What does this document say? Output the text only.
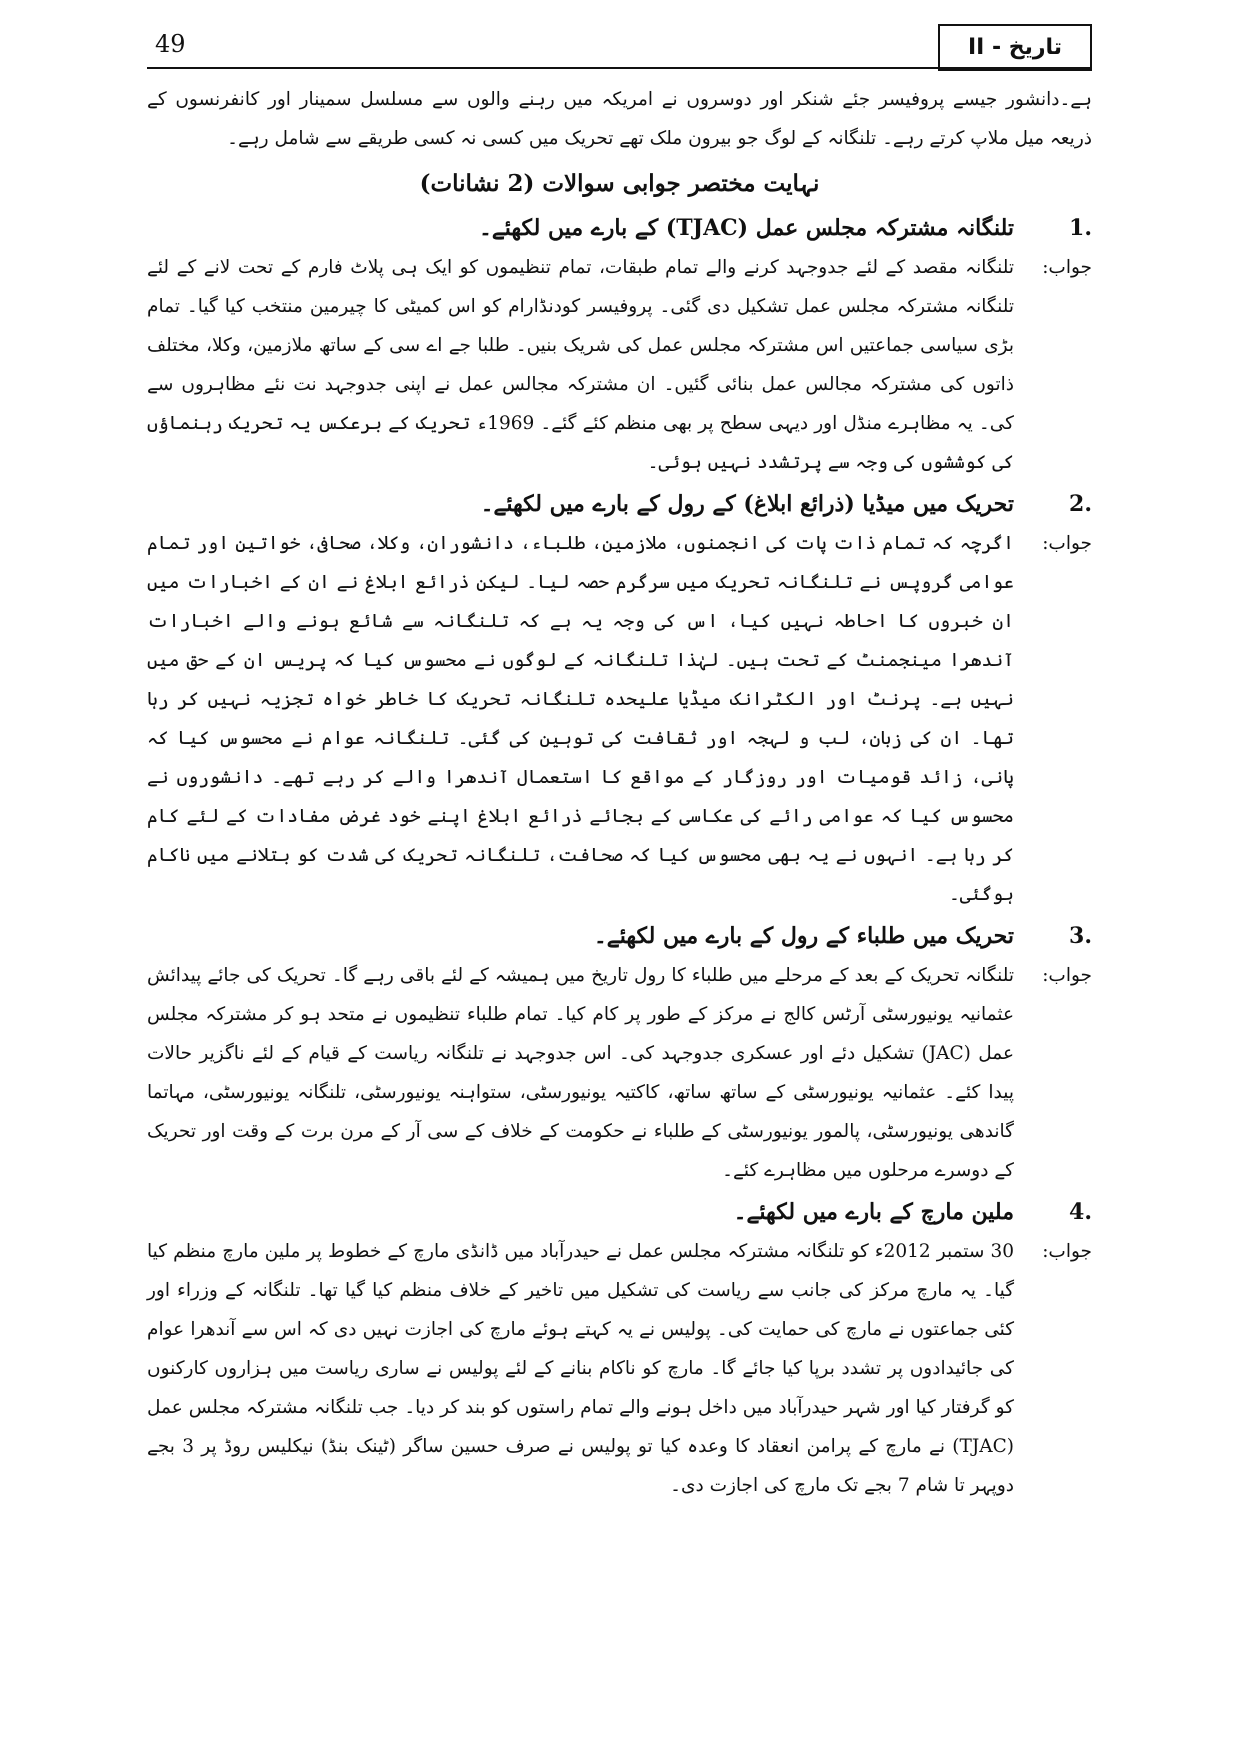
49	تاریخ - II

ہے۔دانشور جیسے پروفیسر جئے شنکر اور دوسروں نے امریکہ میں رہنے والوں سے مسلسل سمینار اور کانفرنسوں کے ذریعہ میل ملاپ کرتے رہے۔ تلنگانہ کے لوگ جو بیرون ملک تھے تحریک میں کسی نہ کسی طریقے سے شامل رہے۔

نہایت مختصر جوابی سوالات (2 نشانات)
1.
تلنگانہ مشترکہ مجلس عمل (TJAC) کے بارے میں لکھئے۔
جواب:

تلنگانہ مقصد کے لئے جدوجہد کرنے والے تمام طبقات، تمام تنظیموں کو ایک ہی پلاٹ فارم کے تحت لانے کے لئے تلنگانہ مشترکہ مجلس عمل تشکیل دی گئی۔ پروفیسر کودنڈارام کو اس کمیٹی کا چیرمین منتخب کیا گیا۔ تمام بڑی سیاسی جماعتیں اس مشترکہ مجلس عمل کی شریک بنیں۔ طلبا جے اے سی کے ساتھ ملازمین، وکلا، مختلف ذاتوں کی مشترکہ مجالس عمل بنائی گئیں۔ ان مشترکہ مجالس عمل نے اپنی جدوجہد نت نئے مظاہروں سے کی۔ یہ مظاہرے منڈل اور دیہی سطح پر بھی منظم کئے گئے۔ 1969ء تحریک کے برعکس یہ تحریک رہنماؤں کی کوششوں کی وجہ سے پرتشدد نہیں ہوئی۔

2.
تحریک میں میڈیا (ذرائع ابلاغ) کے رول کے بارے میں لکھئے۔
جواب:

اگرچہ کہ تمام ذات پات کی انجمنوں، ملازمین، طلباء، دانشوران، وکلا، صحافی، خواتین اور تمام عوامی گروپس نے تلنگانہ تحریک میں سرگرم حصہ لیا۔ لیکن ذرائع ابلاغ نے ان کے اخبارات میں ان خبروں کا احاطہ نہیں کیا، اس کی وجہ یہ ہے کہ تلنگانہ سے شائع ہونے والے اخبارات آندھرا مینجمنٹ کے تحت ہیں۔ لہٰذا تلنگانہ کے لوگوں نے محسوس کیا کہ پریس ان کے حق میں نہیں ہے۔ پرنٹ اور الکٹرانک میڈیا علیحدہ تلنگانہ تحریک کا خاطر خواہ تجزیہ نہیں کر رہا تھا۔ ان کی زبان، لب و لہجہ اور ثقافت کی توہین کی گئی۔ تلنگانہ عوام نے محسوس کیا کہ پانی، زائد قومیات اور روزگار کے مواقع کا استعمال آندھرا والے کر رہے تھے۔ دانشوروں نے محسوس کیا کہ عوامی رائے کی عکاسی کے بجائے ذرائع ابلاغ اپنے خود غرض مفادات کے لئے کام کر رہا ہے۔ انہوں نے یہ بھی محسوس کیا کہ صحافت، تلنگانہ تحریک کی شدت کو بتلانے میں ناکام ہوگئی۔

3.
تحریک میں طلباء کے رول کے بارے میں لکھئے۔
جواب:

تلنگانہ تحریک کے بعد کے مرحلے میں طلباء کا رول تاریخ میں ہمیشہ کے لئے باقی رہے گا۔ تحریک کی جائے پیدائش عثمانیہ یونیورسٹی آرٹس کالج نے مرکز کے طور پر کام کیا۔ تمام طلباء تنظیموں نے متحد ہو کر مشترکہ مجلس عمل (JAC) تشکیل دئے اور عسکری جدوجہد کی۔ اس جدوجہد نے تلنگانہ ریاست کے قیام کے لئے ناگزیر حالات پیدا کئے۔ عثمانیہ یونیورسٹی کے ساتھ ساتھ، کاکتیہ یونیورسٹی، ستواہنہ یونیورسٹی، تلنگانہ یونیورسٹی، مہاتما گاندھی یونیورسٹی، پالمور یونیورسٹی کے طلباء نے حکومت کے خلاف کے سی آر کے مرن برت کے وقت اور تحریک کے دوسرے مرحلوں میں مظاہرے کئے۔

4.
ملین مارچ کے بارے میں لکھئے۔
جواب:

30 ستمبر 2012ء کو تلنگانہ مشترکہ مجلس عمل نے حیدرآباد میں ڈانڈی مارچ کے خطوط پر ملین مارچ منظم کیا گیا۔ یہ مارچ مرکز کی جانب سے ریاست کی تشکیل میں تاخیر کے خلاف منظم کیا گیا تھا۔ تلنگانہ کے وزراء اور کئی جماعتوں نے مارچ کی حمایت کی۔ پولیس نے یہ کہتے ہوئے مارچ کی اجازت نہیں دی کہ اس سے آندھرا عوام کی جائیدادوں پر تشدد برپا کیا جائے گا۔ مارچ کو ناکام بنانے کے لئے پولیس نے ساری ریاست میں ہزاروں کارکنوں کو گرفتار کیا اور شہر حیدرآباد میں داخل ہونے والے تمام راستوں کو بند کر دیا۔ جب تلنگانہ مشترکہ مجلس عمل (TJAC) نے مارچ کے پرامن انعقاد کا وعدہ کیا تو پولیس نے صرف حسین ساگر (ٹینک بنڈ) نیکلیس روڈ پر 3 بجے دوپہر تا شام 7 بجے تک مارچ کی اجازت دی۔
